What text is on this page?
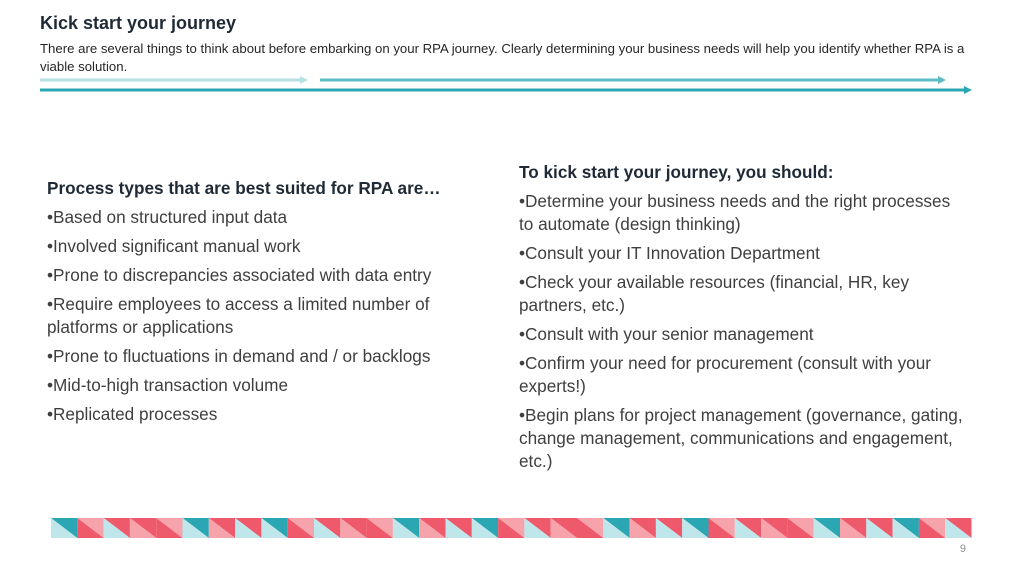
Kick start your journey
There are several things to think about before embarking on your RPA journey. Clearly determining your business needs will help you identify whether RPA is a viable solution.
Process types that are best suited for RPA are…
•Based on structured input data
•Involved significant manual work
•Prone to discrepancies associated with data entry
•Require employees to access a limited number of platforms or applications
•Prone to fluctuations in demand and / or backlogs
•Mid-to-high transaction volume
•Replicated processes
To kick start your journey, you should:
•Determine your business needs and the right processes to automate (design thinking)
•Consult your IT Innovation Department
•Check your available resources (financial, HR, key partners, etc.)
•Consult with your senior management
•Confirm your need for procurement (consult with your experts!)
•Begin plans for project management (governance, gating, change management, communications and engagement, etc.)
9
